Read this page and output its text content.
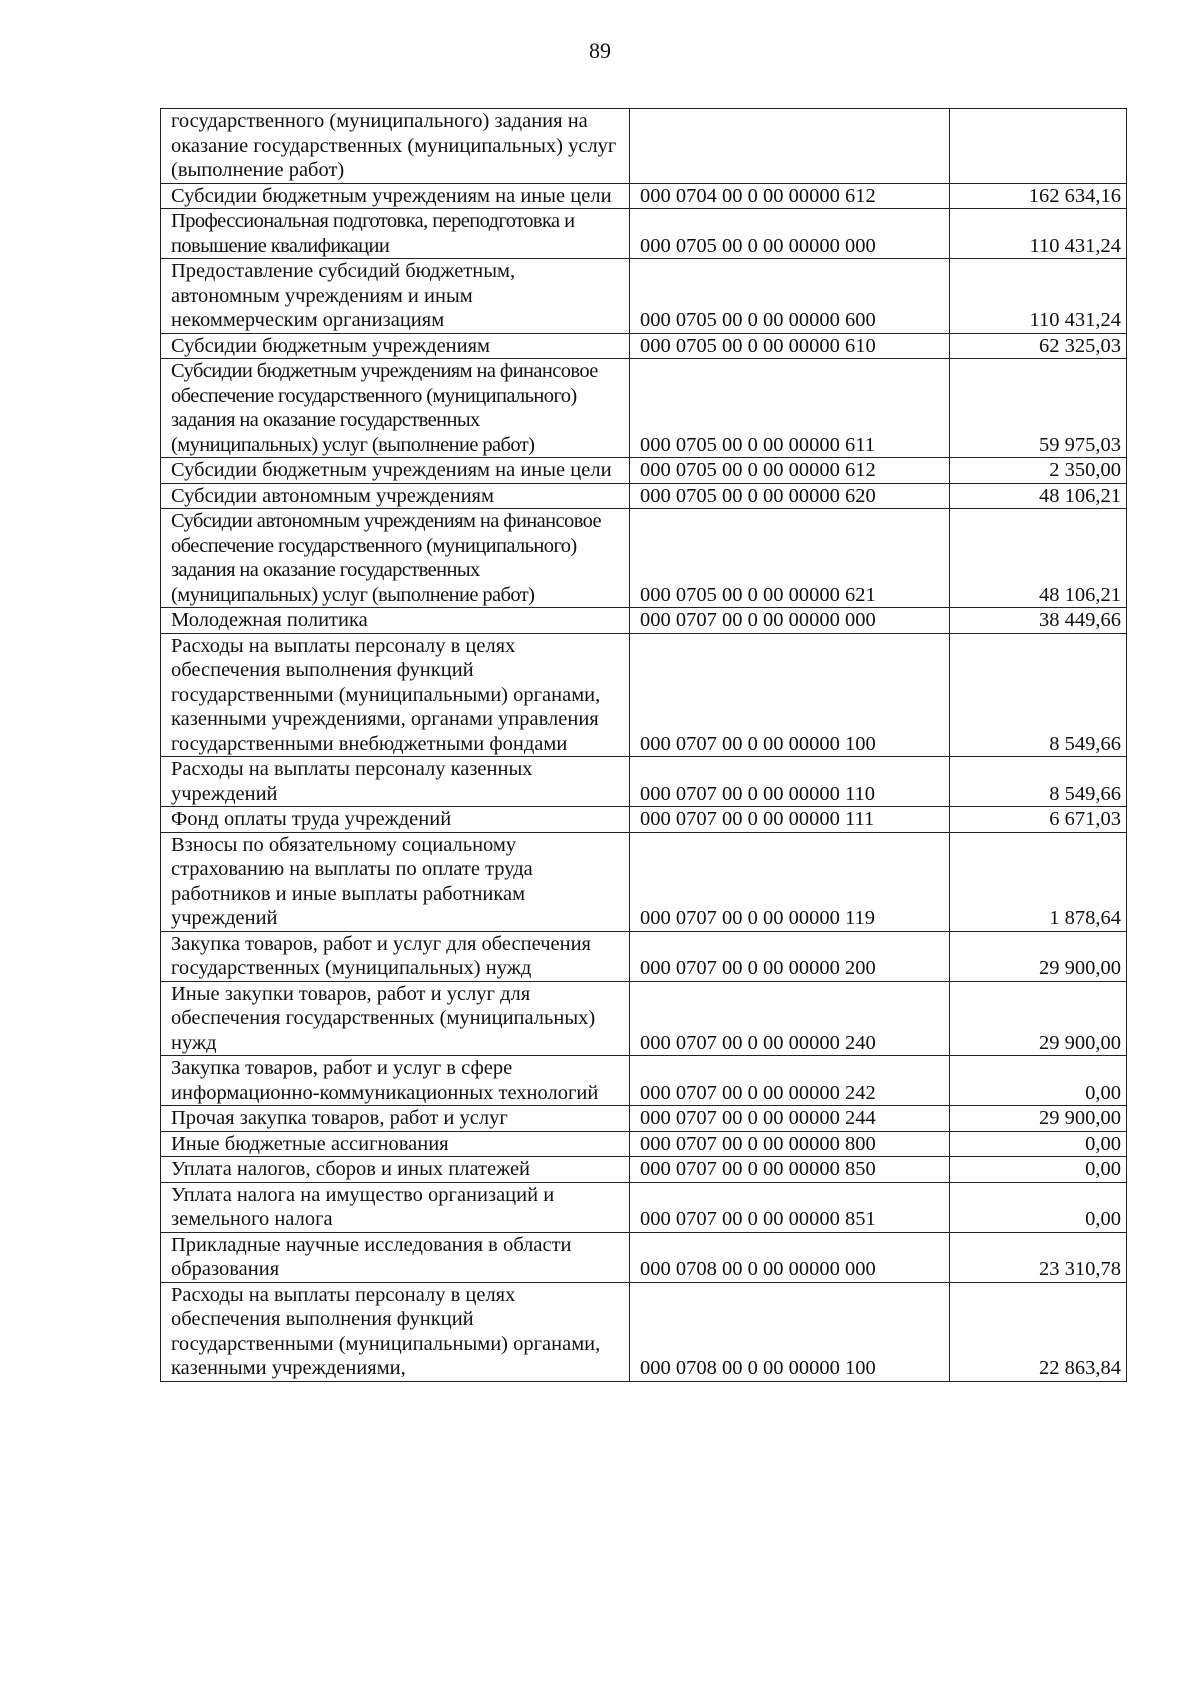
89
государственного (муниципального) задания на оказание государственных (муниципальных) услуг (выполнение работ)		
Субсидии бюджетным учреждениям на иные цели	000 0704 00 0 00 00000 612	162 634,16
Профессиональная подготовка, переподготовка и повышение квалификации	000 0705 00 0 00 00000 000	110 431,24
Предоставление субсидий бюджетным, автономным учреждениям и иным некоммерческим организациям	000 0705 00 0 00 00000 600	110 431,24
Субсидии бюджетным учреждениям	000 0705 00 0 00 00000 610	62 325,03
Субсидии бюджетным учреждениям на финансовое обеспечение государственного (муниципального) задания на оказание государственных (муниципальных) услуг (выполнение работ)	000 0705 00 0 00 00000 611	59 975,03
Субсидии бюджетным учреждениям на иные цели	000 0705 00 0 00 00000 612	2 350,00
Субсидии автономным учреждениям	000 0705 00 0 00 00000 620	48 106,21
Субсидии автономным учреждениям на финансовое обеспечение государственного (муниципального) задания на оказание государственных (муниципальных) услуг (выполнение работ)	000 0705 00 0 00 00000 621	48 106,21
Молодежная политика	000 0707 00 0 00 00000 000	38 449,66
Расходы на выплаты персоналу в целях обеспечения выполнения функций государственными (муниципальными) органами, казенными учреждениями, органами управления государственными внебюджетными фондами	000 0707 00 0 00 00000 100	8 549,66
Расходы на выплаты персоналу казенных учреждений	000 0707 00 0 00 00000 110	8 549,66
Фонд оплаты труда учреждений	000 0707 00 0 00 00000 111	6 671,03
Взносы по обязательному социальному страхованию на выплаты по оплате труда работников и иные выплаты работникам учреждений	000 0707 00 0 00 00000 119	1 878,64
Закупка товаров, работ и услуг для обеспечения государственных (муниципальных) нужд	000 0707 00 0 00 00000 200	29 900,00
Иные закупки товаров, работ и услуг для обеспечения государственных (муниципальных) нужд	000 0707 00 0 00 00000 240	29 900,00
Закупка товаров, работ и услуг в сфере информационно-коммуникационных технологий	000 0707 00 0 00 00000 242	0,00
Прочая закупка товаров, работ и услуг	000 0707 00 0 00 00000 244	29 900,00
Иные бюджетные ассигнования	000 0707 00 0 00 00000 800	0,00
Уплата налогов, сборов и иных платежей	000 0707 00 0 00 00000 850	0,00
Уплата налога на имущество организаций и земельного налога	000 0707 00 0 00 00000 851	0,00
Прикладные научные исследования в области образования	000 0708 00 0 00 00000 000	23 310,78
Расходы на выплаты персоналу в целях обеспечения выполнения функций государственными (муниципальными) органами, казенными учреждениями,	000 0708 00 0 00 00000 100	22 863,84
